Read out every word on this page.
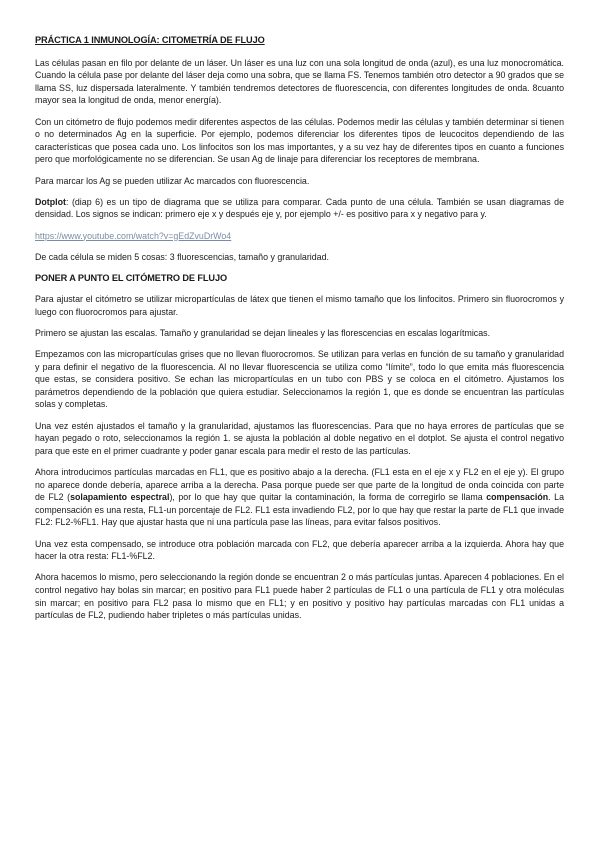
PRÁCTICA 1 INMUNOLOGÍA: CITOMETRÍA DE FLUJO

Las células pasan en filo por delante de un láser. Un láser es una luz con una sola longitud de onda (azul), es una luz monocromática. Cuando la célula pase por delante del láser deja como una sobra, que se llama FS. Tenemos también otro detector a 90 grados que se llama SS, luz dispersada lateralmente. Y también tendremos detectores de fluorescencia, con diferentes longitudes de onda. 8cuanto mayor sea la longitud de onda, menor energía).

Con un citómetro de flujo podemos medir diferentes aspectos de las células. Podemos medir las células y también determinar si tienen o no determinados Ag en la superficie. Por ejemplo, podemos diferenciar los diferentes tipos de leucocitos dependiendo de las características que posea cada uno. Los linfocitos son los mas importantes, y a su vez hay de diferentes tipos en cuanto a funciones pero que morfológicamente no se diferencian. Se usan Ag de linaje para diferenciar los receptores de membrana.

Para marcar los Ag se pueden utilizar Ac marcados con fluorescencia.

Dotplot: (diap 6) es un tipo de diagrama que se utiliza para comparar. Cada punto de una célula. También se usan diagramas de densidad. Los signos se indican: primero eje x y después eje y, por ejemplo +/- es positivo para x y negativo para y.

https://www.youtube.com/watch?v=gEdZvuDrWo4

De cada célula se miden 5 cosas: 3 fluorescencias, tamaño y granularidad.

PONER A PUNTO EL CITÓMETRO DE FLUJO

Para ajustar el citómetro se utilizar micropartículas de látex que tienen el mismo tamaño que los linfocitos. Primero sin fluorocromos y luego con fluorocromos para ajustar.

Primero se ajustan las escalas. Tamaño y granularidad se dejan lineales y las florescencias en escalas logarítmicas.

Empezamos con las micropartículas grises que no llevan fluorocromos. Se utilizan para verlas en función de su tamaño y granularidad y para definir el negativo de la fluorescencia. Al no llevar fluorescencia se utiliza como “límite”, todo lo que emita más fluorescencia que estas, se considera positivo. Se echan las micropartículas en un tubo con PBS y se coloca en el citómetro. Ajustamos los parámetros dependiendo de la población que quiera estudiar. Seleccionamos la región 1, que es donde se encuentran las partículas solas y completas.

Una vez estén ajustados el tamaño y la granularidad, ajustamos las fluorescencias. Para que no haya errores de partículas que se hayan pegado o roto, seleccionamos la región 1. se ajusta la población al doble negativo en el dotplot. Se ajusta el control negativo para que este en el primer cuadrante y poder ganar escala para medir el resto de las partículas.

Ahora introducimos partículas marcadas en FL1, que es positivo abajo a la derecha. (FL1 esta en el eje x y FL2 en el eje y). El grupo no aparece donde debería, aparece arriba a la derecha. Pasa porque puede ser que parte de la longitud de onda coincida con parte de FL2 (solapamiento espectral), por lo que hay que quitar la contaminación, la forma de corregirlo se llama compensación. La compensación es una resta, FL1-un porcentaje de FL2. FL1 esta invadiendo FL2, por lo que hay que restar la parte de FL1 que invade FL2: FL2-%FL1. Hay que ajustar hasta que ni una partícula pase las líneas, para evitar falsos positivos.

Una vez esta compensado, se introduce otra población marcada con FL2, que debería aparecer arriba a la izquierda. Ahora hay que hacer la otra resta: FL1-%FL2.

Ahora hacemos lo mismo, pero seleccionando la región donde se encuentran 2 o más partículas juntas. Aparecen 4 poblaciones. En el control negativo hay bolas sin marcar; en positivo para FL1 puede haber 2 partículas de FL1 o una partícula de FL1 y otra moléculas sin marcar; en positivo para FL2 pasa lo mismo que en FL1; y en positivo y positivo hay partículas marcadas con FL1 unidas a partículas de FL2, pudiendo haber tripletes o más partículas unidas.
